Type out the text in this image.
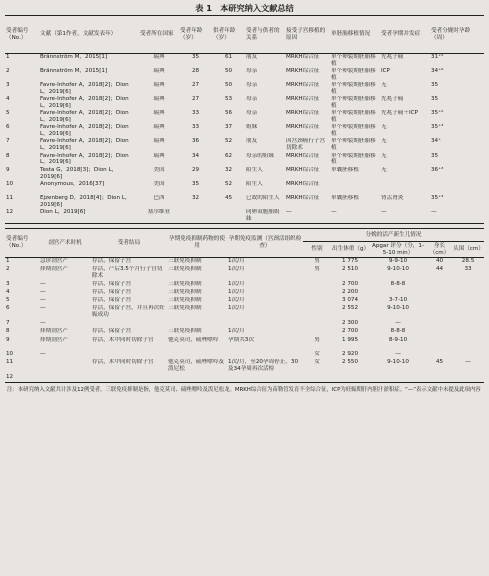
表 1　本研究纳入文献总结
受者编号（No.）	文献（第1作者，文献发表年）	受者所在国家	受者年龄（岁）	供者年龄（岁）	受者与供者的关系	接受子宫移植的原因	单胚胎移植情况	受者孕期并发症	受者分娩时孕龄（周）
1	Brännström M，2015[1]	瑞典	35	61	朋友	MRKH综合征	单个卵裂期胚胎移植	先兆子痫	31⁺⁵
2	Brännström M，2015[1]	瑞典	28	50	母亲	MRKH综合征	单个卵裂期胚胎移植	ICP	34⁺⁶
3	Favre-Inhofer A，2018[2]；Dion L，2019[6]	瑞典	27	50	母亲	MRKH综合征	单个卵裂期胚胎移植	无	35
4	Favre-Inhofer A，2018[2]；Dion L，2019[6]	瑞典	27	53	母亲	MRKH综合征	单个卵裂期胚胎移植	先兆子痫	35
5	Favre-Inhofer A，2018[2]；Dion L，2019[6]	瑞典	33	56	母亲	MRKH综合征	单个卵裂期胚胎移植	先兆子痫＋ICP	35⁺²
6	Favre-Inhofer A，2018[2]；Dion L，2019[6]	瑞典	33	37	姐妹	MRKH综合征	单个卵裂期胚胎移植	无	35⁺³
7	Favre-Inhofer A，2018[2]；Dion L，2019[6]	瑞典	36	52	朋友	因宫颈癌行子宫切除术	单个卵裂期胚胎移植	无	34⁺
8	Favre-Inhofer A，2018[2]；Dion L，2019[6]	瑞典	34	62	母亲的姐妹	MRKH综合征	单个卵裂期胚胎移植	无	35
9	Testa G，2018[3]；Dion L，2019[6]	美国	29	32	陌生人	MRKH综合征	单囊胚移植	无	36⁺³
10	Anonymous，2016[37]	美国	35	52	陌生人	MRKH综合征			
11	Ejzenberg D，2018[4]；Dion L，2019[6]	巴西	32	45	已故的陌生人	MRKH综合征	单囊胚移植	肾盂肾炎	35⁺³
12	Dion L，2019[6]	塞尔维亚			同卵双胞胎姐妹	—	—	—	—
受者编号（No.）	剖宫产术时机	受者结局	孕期免疫抑制药物的使用	孕期免疫监测（宫颈活组织检查）	分娩的活产新生儿情况				
					性别	出生体重（g）	Apgar 评分（分，1-5-10 min）	身长（cm）	头围（cm）
1	急诊剖宫产	存活，保留子宫	三联免疫抑制	1次/月	男	1 775	9-9-10	40	28.5
2	择期剖宫产	存活，产后3.5个月行子宫切除术	三联免疫抑制	1次/月	男	2 510	9-10-10	44	33
3	—	存活，保留子宫	三联免疫抑制	1次/月		2 700	8-8-8		
4	—	存活，保留子宫	三联免疫抑制	1次/月		2 200			
5	—	存活，保留子宫	三联免疫抑制	1次/月		3 074	3-7-10		
6	—	存活，保留子宫，并且再次妊娠成功	三联免疫抑制	1次/月		2 552	9-10-10		
7	—					2 300	—		
8	择期剖宫产	存活，保留子宫	三联免疫抑制	1次/月		2 700	8-8-8		
9	择期剖宫产	存活，术中同时切除子宫	他克莫司，硫唑嘌呤	孕期共3次	男	1 995	8-9-10		
10	—				女	2 920	—		
11		存活，术中同时切除子宫	他克莫司，硫唑嘌呤及泼尼松	1次/月，至20孕周停止，30及34孕周再次活检	女	2 550	9-10-10	45	—
12									
注：本研究纳入文献共计涉及12例受者。三联免疫抑制是指，他克莫司、硫唑嘌呤及泼尼松龙。MRKH综合征为苗勒管发育不全综合征，ICP为妊娠期肝内胆汁淤积症。“—”表示文献中未提及此项内容
